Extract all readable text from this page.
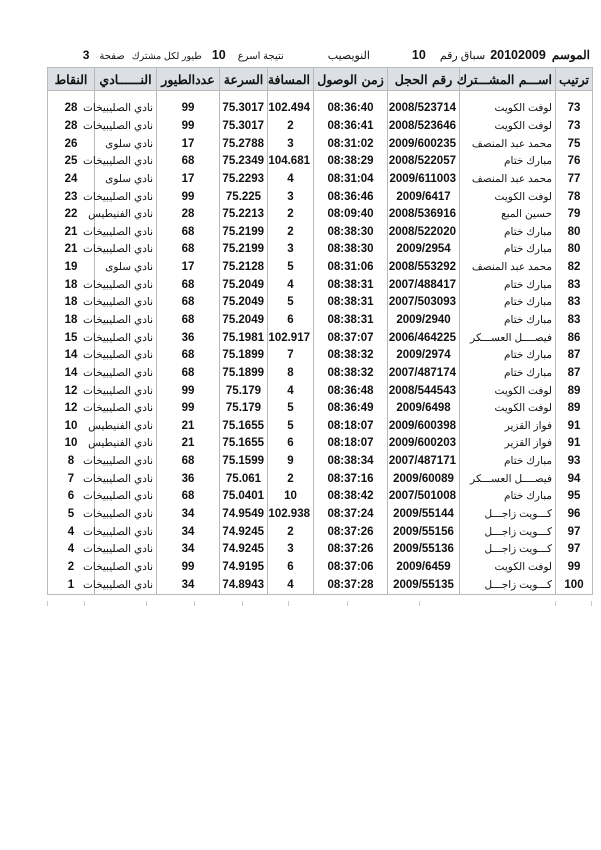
الموسم
20102009
سباق رقم
10
النويصيب
نتيجة اسرع
10
طيور لكل مشترك
صفحة
3
ترتيب	اســـم المشـــترك	رقم الحجل	زمن الوصول	المسافة	السرعة	عددالطيور	النــــــادي	النقاط

73	لوفت الكويت	2008/523714	08:36:40	102.494	75.3017	99	نادي الصليبيخات	28
73	لوفت الكويت	2008/523646	08:36:41	2	75.3017	99	نادي الصليبيخات	28
75	محمد عبد المنصف	2009/600235	08:31:02	3	75.2788	17	نادي سلوى	26
76	مبارك ختام	2008/522057	08:38:29	104.681	75.2349	68	نادي الصليبيخات	25
77	محمد عبد المنصف	2009/611003	08:31:04	4	75.2293	17	نادي سلوى	24
78	لوفت الكويت	2009/6417	08:36:46	3	75.225	99	نادي الصليبيخات	23
79	حسين المبع	2008/536916	08:09:40	2	75.2213	28	نادي الفنيطيس	22
80	مبارك ختام	2008/522020	08:38:30	2	75.2199	68	نادي الصليبيخات	21
80	مبارك ختام	2009/2954	08:38:30	3	75.2199	68	نادي الصليبيخات	21
82	محمد عبد المنصف	2008/553292	08:31:06	5	75.2128	17	نادي سلوى	19
83	مبارك ختام	2007/488417	08:38:31	4	75.2049	68	نادي الصليبيخات	18
83	مبارك ختام	2007/503093	08:38:31	5	75.2049	68	نادي الصليبيخات	18
83	مبارك ختام	2009/2940	08:38:31	6	75.2049	68	نادي الصليبيخات	18
86	فيصــــل العســـكر	2006/464225	08:37:07	102.917	75.1981	36	نادي الصليبيخات	15
87	مبارك ختام	2009/2974	08:38:32	7	75.1899	68	نادي الصليبيخات	14
87	مبارك ختام	2007/487174	08:38:32	8	75.1899	68	نادي الصليبيخات	14
89	لوفت الكويت	2008/544543	08:36:48	4	75.179	99	نادي الصليبيخات	12
89	لوفت الكويت	2009/6498	08:36:49	5	75.179	99	نادي الصليبيخات	12
91	فواز القزير	2009/600398	08:18:07	5	75.1655	21	نادي الفنيطيس	10
91	فواز القزير	2009/600203	08:18:07	6	75.1655	21	نادي الفنيطيس	10
93	مبارك ختام	2007/487171	08:38:34	9	75.1599	68	نادي الصليبيخات	8
94	فيصــــل العســـكر	2009/60089	08:37:16	2	75.061	36	نادي الصليبيخات	7
95	مبارك ختام	2007/501008	08:38:42	10	75.0401	68	نادي الصليبيخات	6
96	كـــويت زاجـــل	2009/55144	08:37:24	102.938	74.9549	34	نادي الصليبيخات	5
97	كـــويت زاجـــل	2009/55156	08:37:26	2	74.9245	34	نادي الصليبيخات	4
97	كـــويت زاجـــل	2009/55136	08:37:26	3	74.9245	34	نادي الصليبيخات	4
99	لوفت الكويت	2009/6459	08:37:06	6	74.9195	99	نادي الصليبيخات	2
100	كـــويت زاجـــل	2009/55135	08:37:28	4	74.8943	34	نادي الصليبيخات	1
